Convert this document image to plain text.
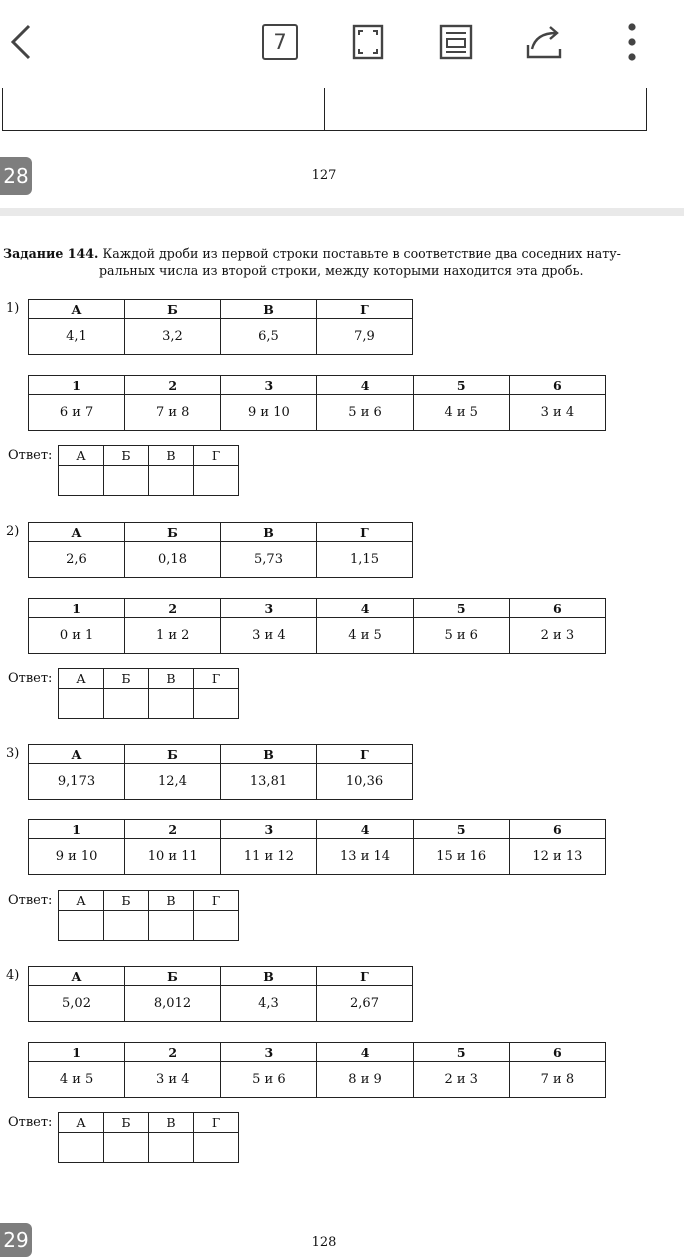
7
28	127
Задание 144. Каждой дроби из первой строки поставьте в соответствие два соседних нату-
ральных числа из второй строки, между которыми находится эта дробь.
1)	А	Б	В	Г
4,1	3,2	6,5	7,9
1	2	3	4	5	6
6 и 7	7 и 8	9 и 10	5 и 6	4 и 5	3 и 4
Ответ: А	Б	В	Г

2)	А	Б	В	Г
2,6	0,18	5,73	1,15
1	2	3	4	5	6
0 и 1	1 и 2	3 и 4	4 и 5	5 и 6	2 и 3
Ответ: А	Б	В	Г

3)	А	Б	В	Г
9,173	12,4	13,81	10,36
1	2	3	4	5	6
9 и 10	10 и 11	11 и 12	13 и 14	15 и 16	12 и 13
Ответ: А	Б	В	Г

4)	А	Б	В	Г
5,02	8,012	4,3	2,67
1	2	3	4	5	6
4 и 5	3 и 4	5 и 6	8 и 9	2 и 3	7 и 8
Ответ: А	Б	В	Г

29	128
